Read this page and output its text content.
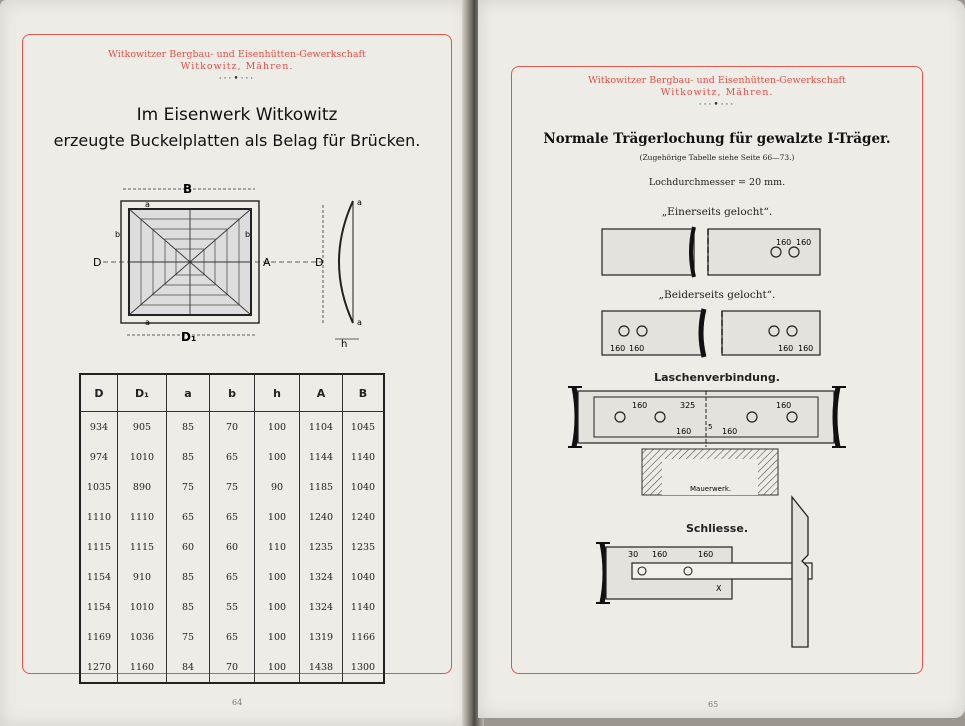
Witkowitzer Bergbau- und Eisenhütten-Gewerkschaft
Witkowitz, Mähren.
···•···
Im Eisenwerk Witkowitz
erzeugte Buckelplatten als Belag für Brücken.
B
a
a
b	b
D	A
D₁
D
a
a
h
D	D₁	a	b	h	A	B
934	905	85	70	100	1104	1045
974	1010	85	65	100	1144	1140
1035	890	75	75	90	1185	1040
1110	1110	65	65	100	1240	1240
1115	1115	60	60	110	1235	1235
1154	910	85	65	100	1324	1040
1154	1010	85	55	100	1324	1140
1169	1036	75	65	100	1319	1166
1270	1160	84	70	100	1438	1300
64
Witkowitzer Bergbau- und Eisenhütten-Gewerkschaft
Witkowitz, Mähren.
···•···
Normale Trägerlochung für gewalzte I-Träger.
(Zugehörige Tabelle siehe Seite 66—73.)
Lochdurchmesser = 20 mm.
„Einerseits gelocht“.
„Beiderseits gelocht“.
Laschenverbindung.
Schliesse.
160 160
160 160	160 160
160	325	160
160 5 160
Mauerwerk.
30 160	160
X
65
